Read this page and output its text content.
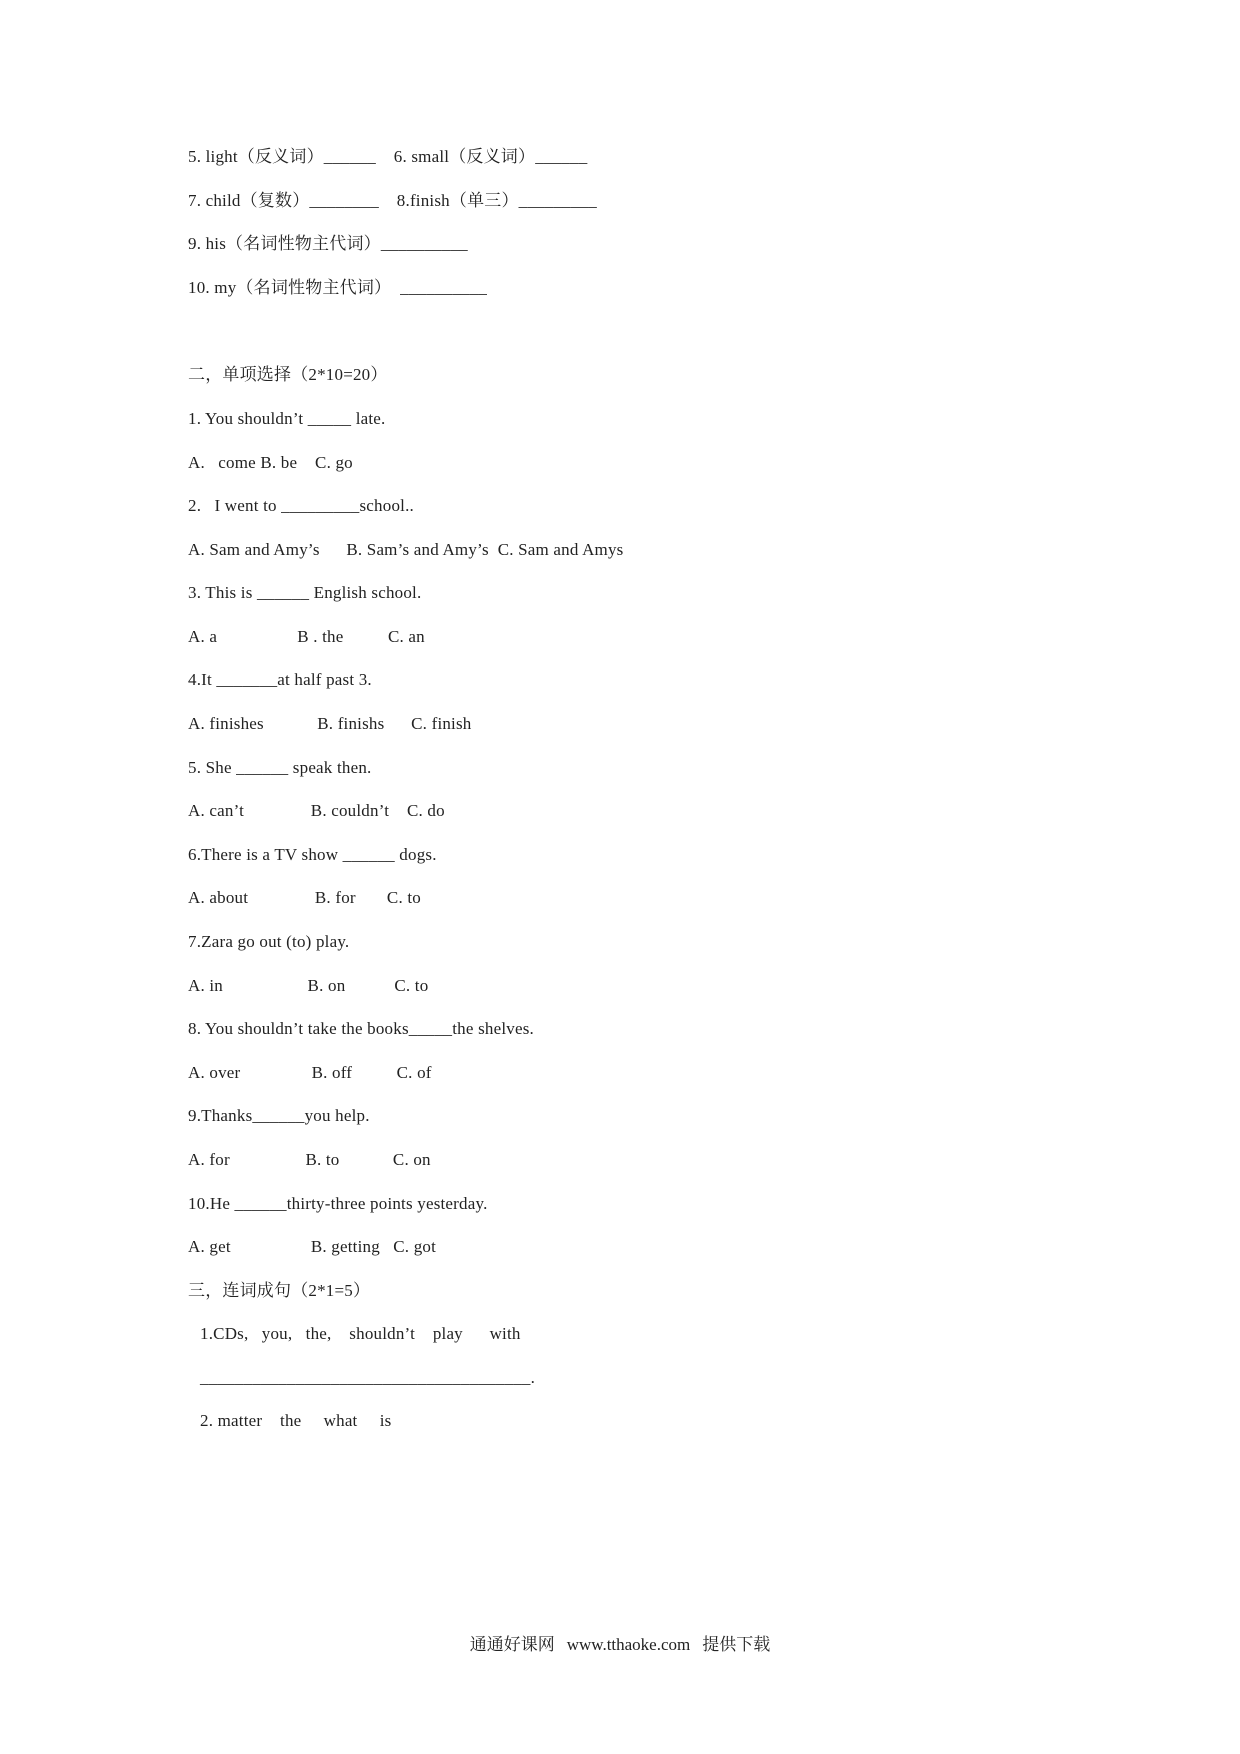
5. light（反义词）______    6. small（反义词）______
7. child（复数）________    8.finish（单三）_________
9. his（名词性物主代词）__________
10. my（名词性物主代词）  __________
二，单项选择（2*10=20）
1. You shouldn’t _____ late.
A.   come B. be    C. go
2.   I went to _________school..
A. Sam and Amy’s      B. Sam’s and Amy’s  C. Sam and Amys
3. This is ______ English school.
A. a                  B . the          C. an
4.It _______at half past 3.
A. finishes            B. finishs      C. finish
5. She ______ speak then.
A. can’t               B. couldn’t    C. do
6.There is a TV show ______ dogs.
A. about               B. for       C. to
7.Zara go out (to) play.
A. in                   B. on           C. to
8. You shouldn’t take the books_____the shelves.
A. over                B. off          C. of
9.Thanks______you help.
A. for                 B. to            C. on
10.He ______thirty-three points yesterday.
A. get                  B. getting   C. got
三，连词成句（2*1=5）
1.CDs,   you,   the,    shouldn’t    play      with
______________________________________.
2. matter    the     what     is
通通好课网 www.tthaoke.com 提供下载
